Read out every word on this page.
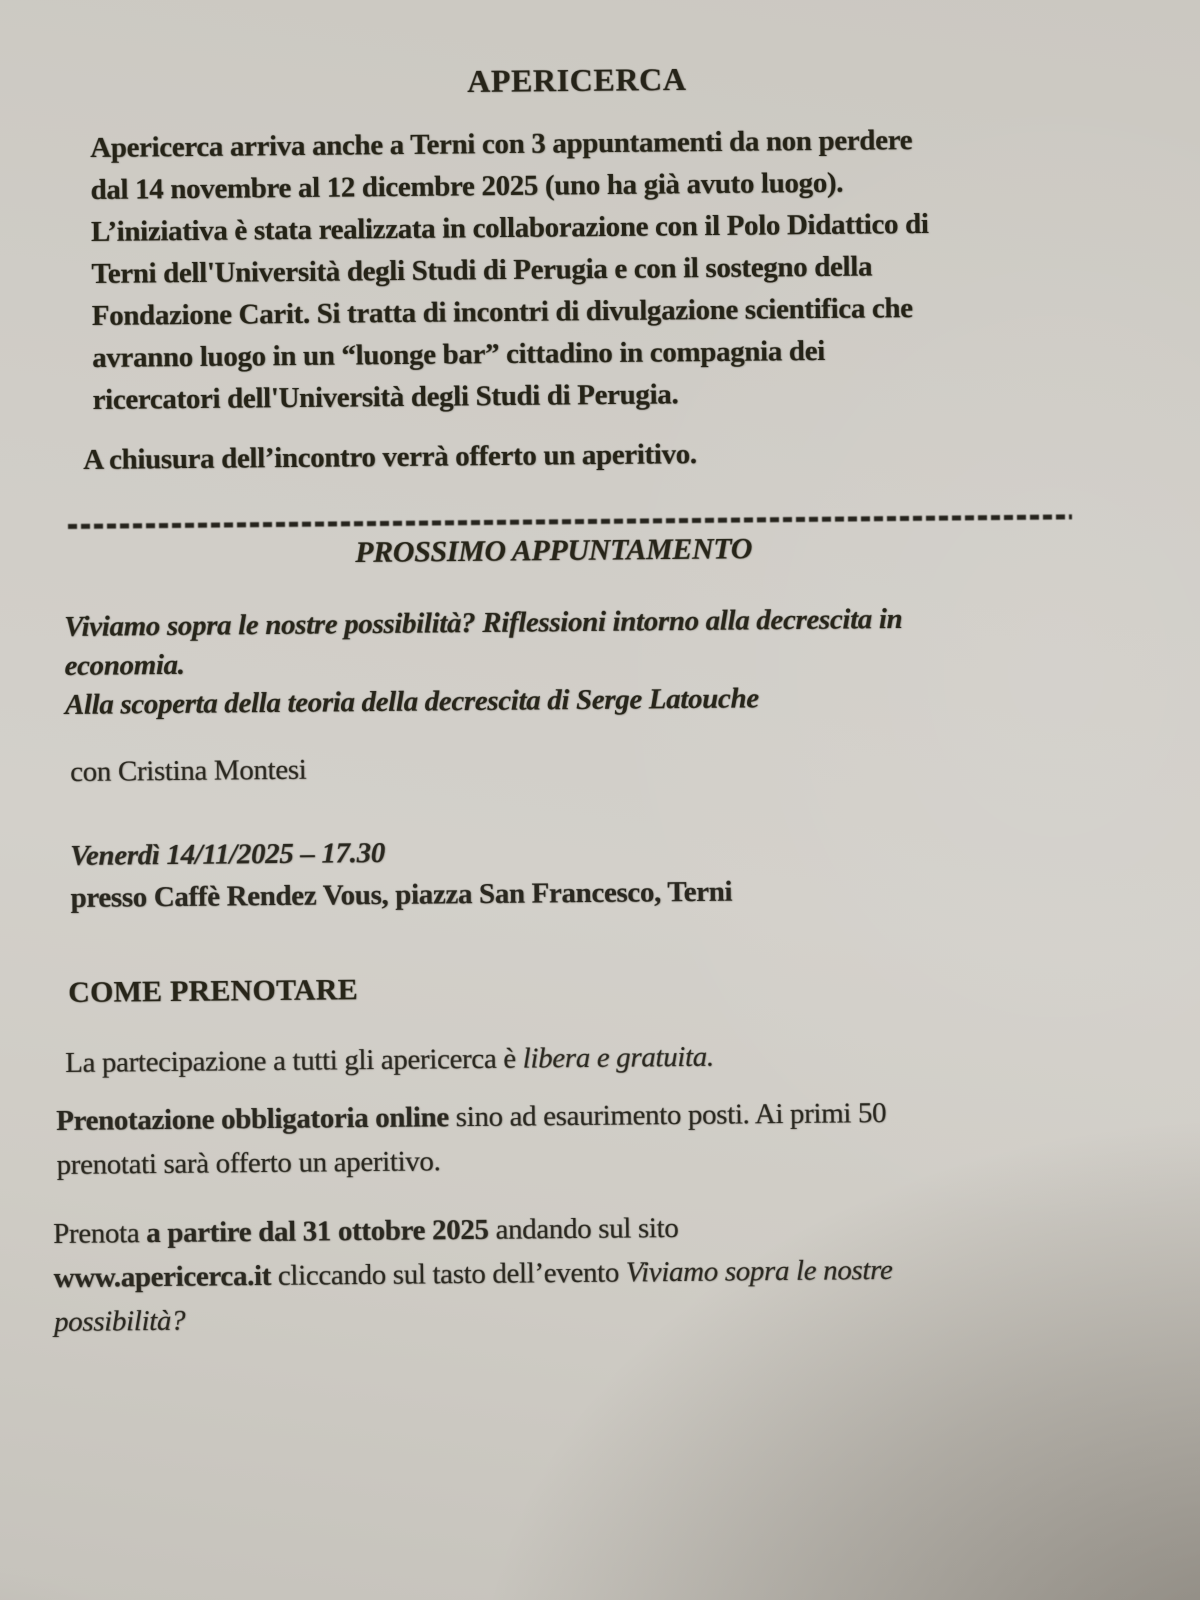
APERICERCA
Apericerca arriva anche a Terni con 3 appuntamenti da non perdere
dal 14 novembre al 12 dicembre 2025 (uno ha già avuto luogo).
L’iniziativa è stata realizzata in collaborazione con il Polo Didattico di
Terni dell'Università degli Studi di Perugia e con il sostegno della
Fondazione Carit. Si tratta di incontri di divulgazione scientifica che
avranno luogo in un “luonge bar” cittadino in compagnia dei
ricercatori dell'Università degli Studi di Perugia.
A chiusura dell’incontro verrà offerto un aperitivo.
PROSSIMO APPUNTAMENTO
Viviamo sopra le nostre possibilità? Riflessioni intorno alla decrescita in
economia.
Alla scoperta della teoria della decrescita di Serge Latouche
con Cristina Montesi
Venerdì 14/11/2025 – 17.30
presso Caffè Rendez Vous, piazza San Francesco, Terni
COME PRENOTARE
La partecipazione a tutti gli apericerca è libera e gratuita.
Prenotazione obbligatoria online sino ad esaurimento posti. Ai primi 50
prenotati sarà offerto un aperitivo.
Prenota a partire dal 31 ottobre 2025 andando sul sito
www.apericerca.it cliccando sul tasto dell’evento Viviamo sopra le nostre
possibilità?
